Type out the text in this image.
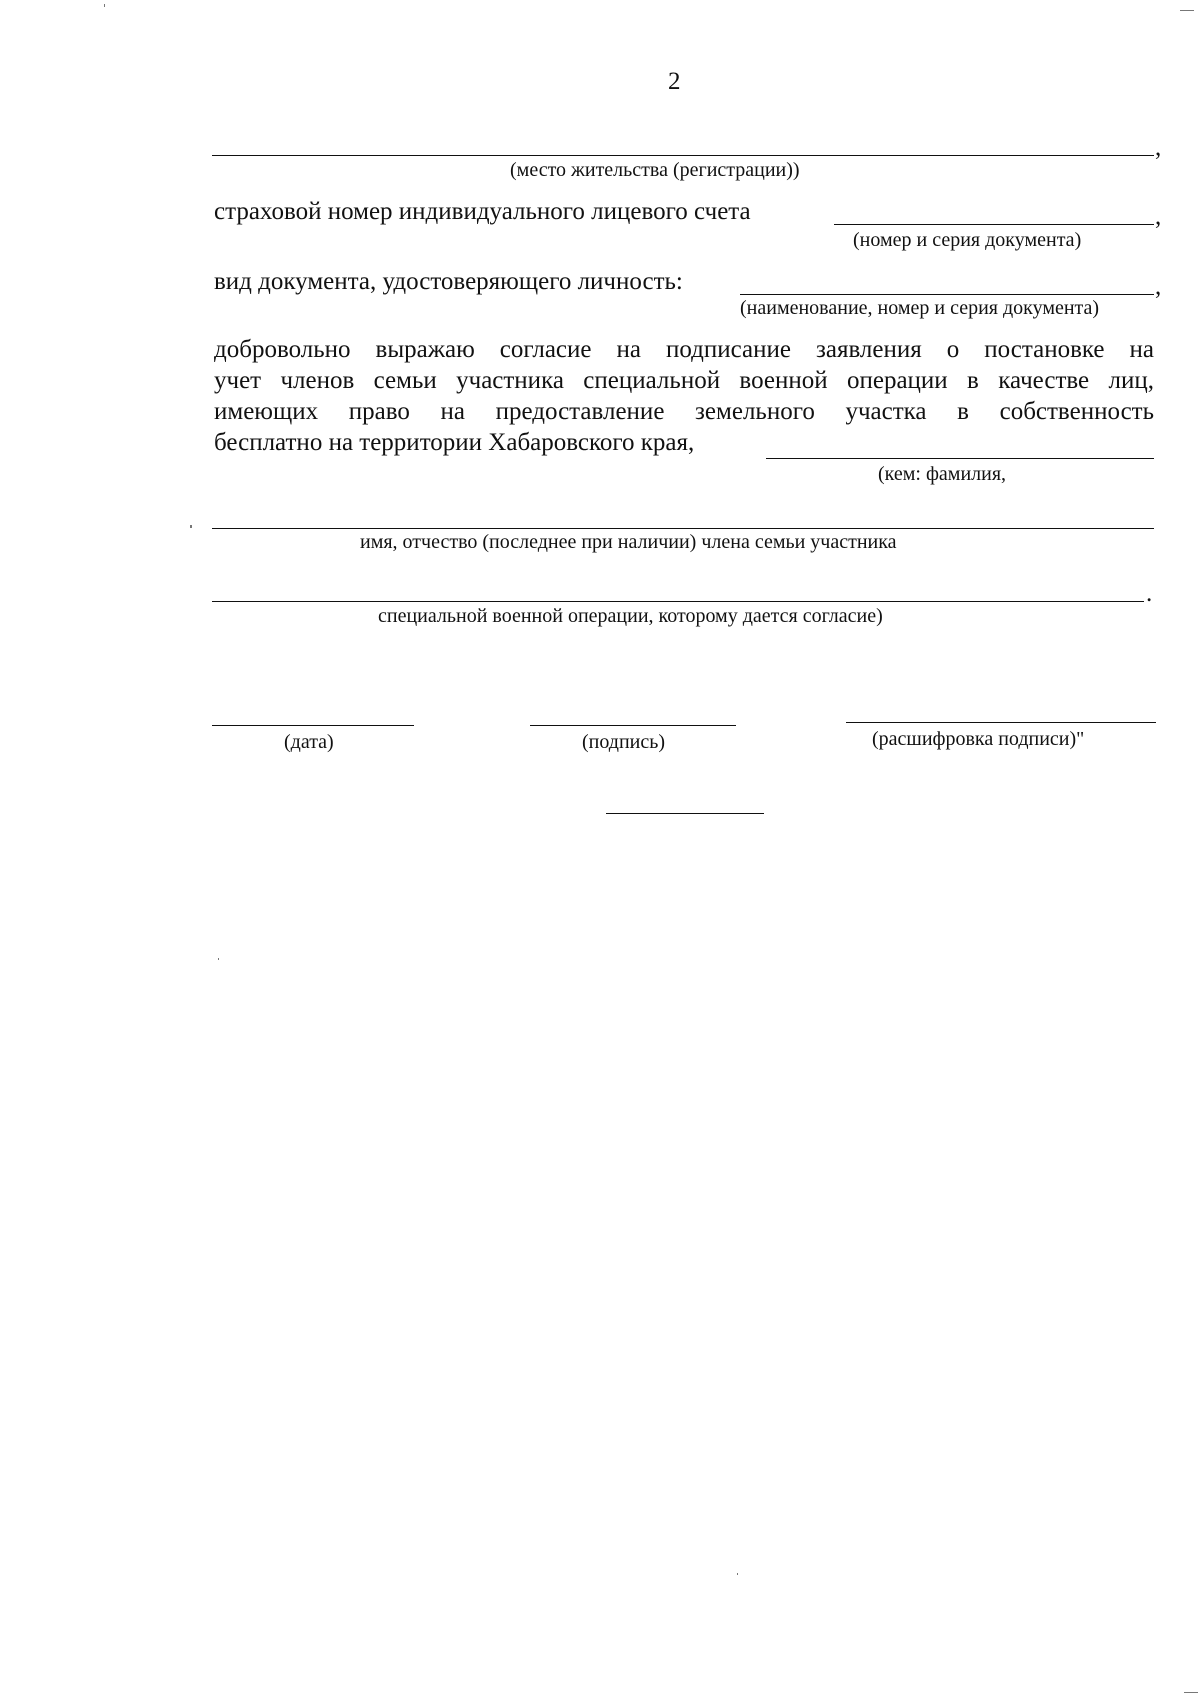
2
,
(место жительства (регистрации))
страховой номер индивидуального лицевого счета	,
(номер и серия документа)
вид документа, удостоверяющего личность:	,
(наименование, номер и серия документа)
добровольно выражаю согласие на подписание заявления о постановке на
учет членов семьи участника специальной военной операции в качестве лиц,
имеющих право на предоставление земельного участка в собственность
бесплатно на территории Хабаровского края,
(кем: фамилия,
имя, отчество (последнее при наличии) члена семьи участника
.
специальной военной операции, которому дается согласие)
(дата)	(подпись)	(расшифровка подписи)"
